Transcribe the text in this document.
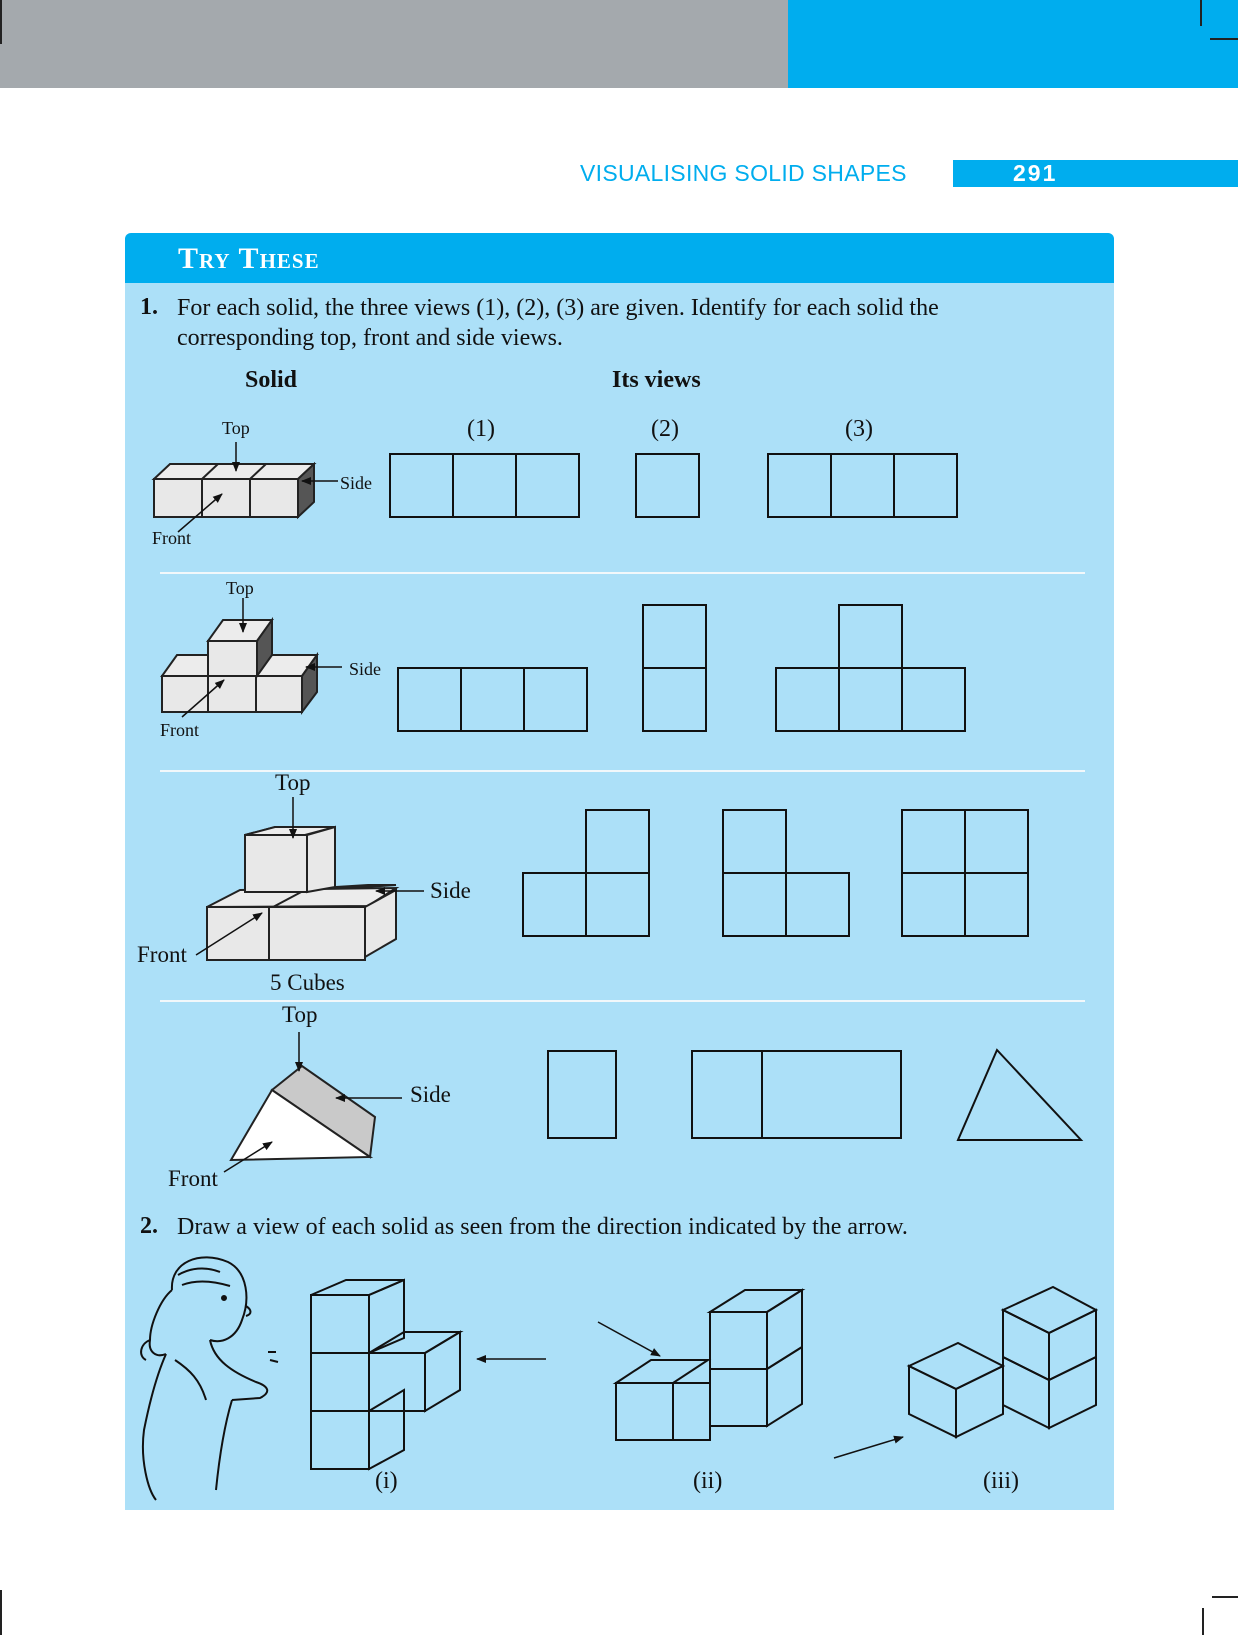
VISUALISING SOLID SHAPES	291
Try These
1. For each solid, the three views (1), (2), (3) are given. Identify for each solid the
corresponding top, front and side views.
Solid	Its views
(1)	(2)	(3)
Top
Side
Front
Top
Side
Front
Top
Side
Front
5 Cubes
Top
Side
Front
2. Draw a view of each solid as seen from the direction indicated by the arrow.
(i)	(ii)	(iii)
